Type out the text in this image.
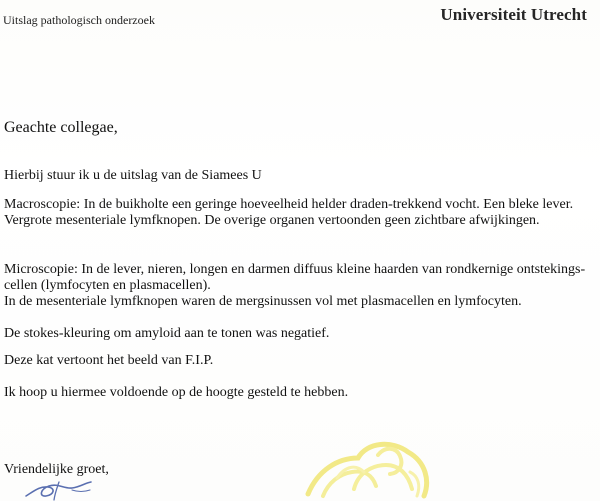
Uitslag pathologisch onderzoek	Universiteit Utrecht

Geachte collegae,

Hierbij stuur ik u de uitslag van de Siamees U

Macroscopie: In de buikholte een geringe hoeveelheid helder draden-trekkend vocht. Een bleke lever. Vergrote mesenteriale lymfknopen. De overige organen vertoonden geen zichtbare afwijkingen.

Microscopie: In de lever, nieren, longen en darmen diffuus kleine haarden van rondkernige ontstekings-cellen (lymfocyten en plasmacellen).

In de mesenteriale lymfknopen waren de mergsinussen vol met plasmacellen en lymfocyten.

De stokes-kleuring om amyloid aan te tonen was negatief.

Deze kat vertoont het beeld van F.I.P.

Ik hoop u hiermee voldoende op de hoogte gesteld te hebben.

Vriendelijke groet,
